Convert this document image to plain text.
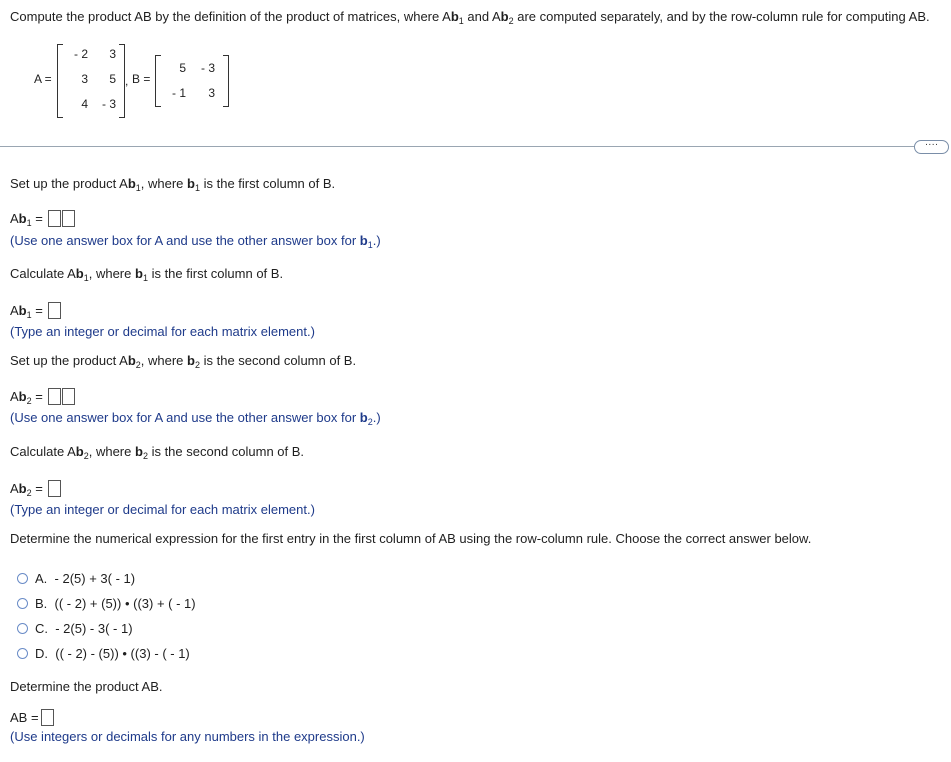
Compute the product AB by the definition of the product of matrices, where $Ab_1$ and $Ab_2$ are computed separately, and by the row-column rule for computing AB.
A =
- 2	3
3	5
4	- 3
, B =
5	- 3
- 1	3
····
Set up the product $Ab_1$, where $b_1$ is the first column of B.
$Ab_1$ =
(Use one answer box for A and use the other answer box for $b_1$.)
Calculate $Ab_1$, where $b_1$ is the first column of B.
$Ab_1$ =
(Type an integer or decimal for each matrix element.)
Set up the product $Ab_2$, where $b_2$ is the second column of B.
$Ab_2$ =
(Use one answer box for A and use the other answer box for $b_2$.)
Calculate $Ab_2$, where $b_2$ is the second column of B.
$Ab_2$ =
(Type an integer or decimal for each matrix element.)
Determine the numerical expression for the first entry in the first column of AB using the row-column rule. Choose the correct answer below.
A. - 2(5) + 3( - 1)
B. (( - 2) + (5)) • ((3) + ( - 1)
C. - 2(5) - 3( - 1)
D. (( - 2) - (5)) • ((3) - ( - 1)
Determine the product AB.
AB =
(Use integers or decimals for any numbers in the expression.)
